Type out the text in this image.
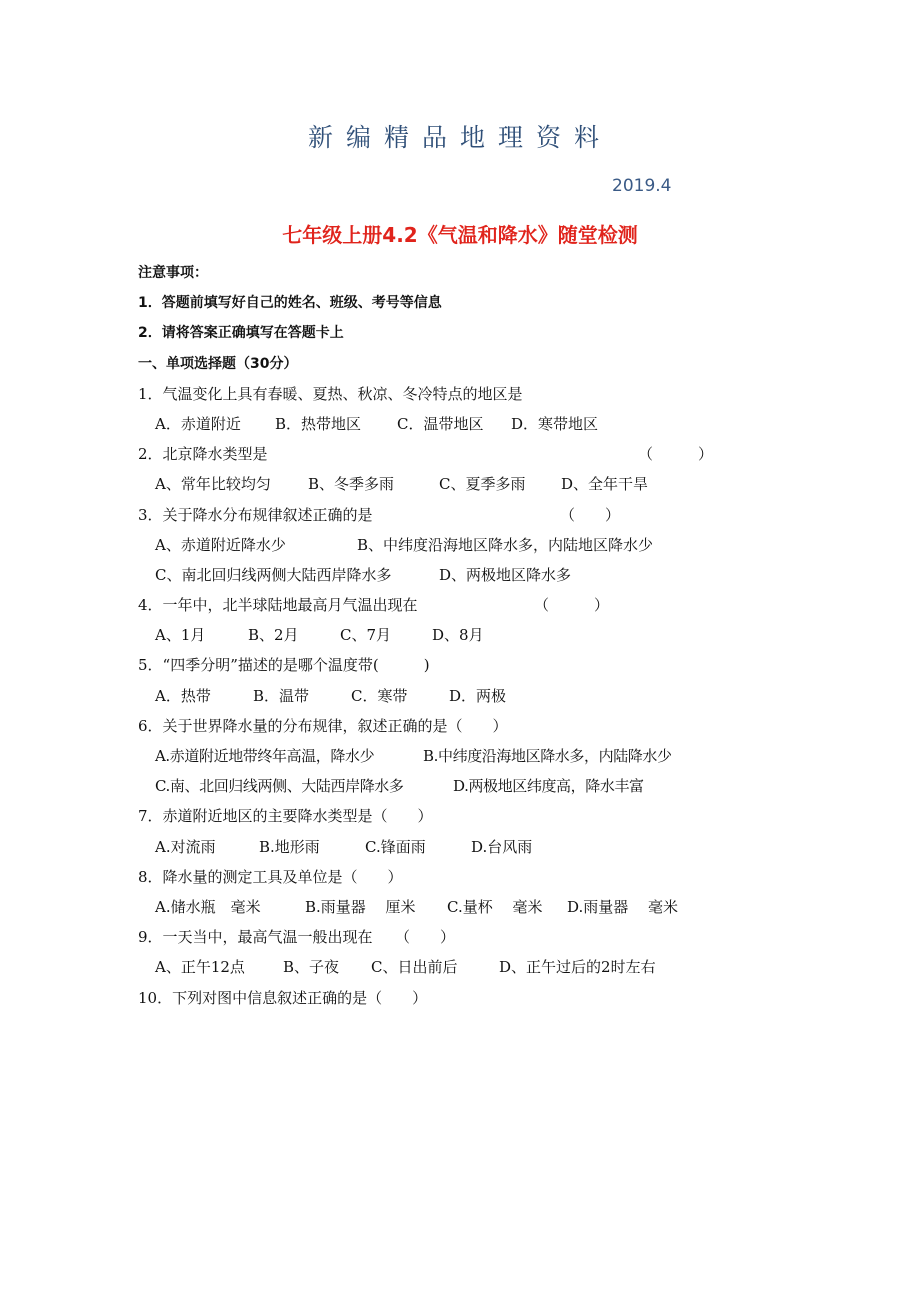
新编精品地理资料
2019.4
七年级上册4.2《气温和降水》随堂检测
注意事项：
1．答题前填写好自己的姓名、班级、考号等信息
2．请将答案正确填写在答题卡上
一、单项选择题（30分）
1．气温变化上具有春暖、夏热、秋凉、冬冷特点的地区是
A．赤道附近 B．热带地区 C．温带地区 D．寒带地区
2．北京降水类型是	（　　　）
A、常年比较均匀 B、冬季多雨	C、夏季多雨 D、全年干旱
3．关于降水分布规律叙述正确的是	（　　）
A、赤道附近降水少	B、中纬度沿海地区降水多，内陆地区降水少
C、南北回归线两侧大陆西岸降水多	D、两极地区降水多
4．一年中，北半球陆地最高月气温出现在	（　　　）
A、1月	B、2月	C、7月	D、8月
5．“四季分明”描述的是哪个温度带(　　　)
A．热带	B．温带	C．寒带	D．两极
6．关于世界降水量的分布规律，叙述正确的是（　　）
A.赤道附近地带终年高温，降水少	B.中纬度沿海地区降水多，内陆降水少
C.南、北回归线两侧、大陆西岸降水多	D.两极地区纬度高，降水丰富
7．赤道附近地区的主要降水类型是（　　）
A.对流雨	B.地形雨	C.锋面雨	D.台风雨
8．降水量的测定工具及单位是（　　）
A.储水瓶　毫米	B.雨量器　 厘米 C.量杯　 毫米 D.雨量器　 毫米
9．一天当中，最高气温一般出现在　　（　　）
A、正午12点	B、子夜 C、日出前后	D、正午过后的2时左右
10．下列对图中信息叙述正确的是（　　）
